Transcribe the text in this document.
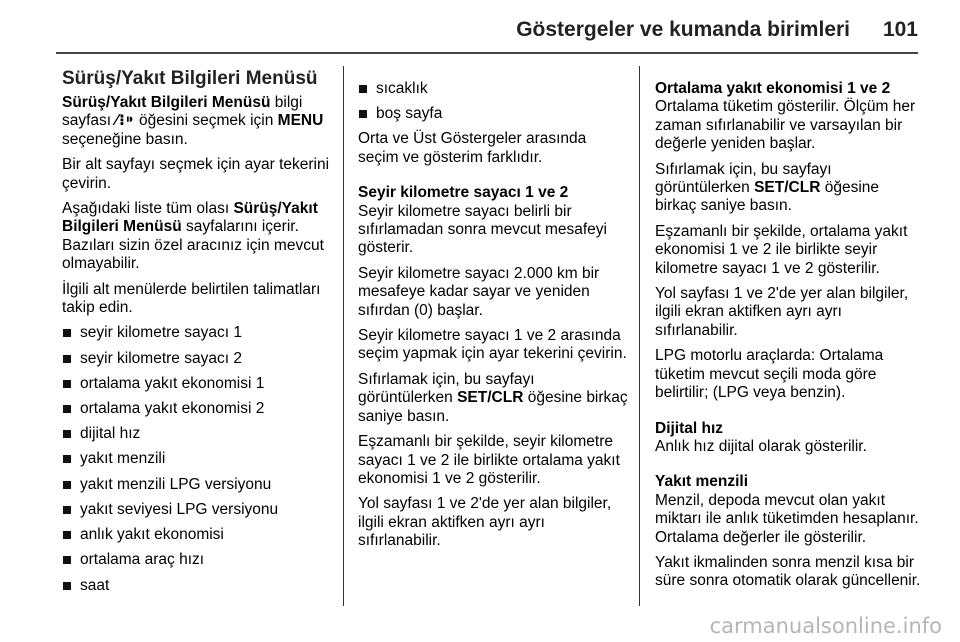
Göstergeler ve kumanda birimleri 101
Sürüş/Yakıt Bilgileri Menüsü

Sürüş/Yakıt Bilgileri Menüsü bilgi sayfası ⁄⁝⁍ öğesini seçmek için MENU seçeneğine basın.

Bir alt sayfayı seçmek için ayar tekerini çevirin.

Aşağıdaki liste tüm olası Sürüş/Yakıt Bilgileri Menüsü sayfalarını içerir. Bazıları sizin özel aracınız için mevcut olmayabilir.

İlgili alt menülerde belirtilen talimatları takip edin.

seyir kilometre sayacı 1
seyir kilometre sayacı 2
ortalama yakıt ekonomisi 1
ortalama yakıt ekonomisi 2
dijital hız
yakıt menzili
yakıt menzili LPG versiyonu
yakıt seviyesi LPG versiyonu
anlık yakıt ekonomisi
ortalama araç hızı
saat
sıcaklık
boş sayfa

Orta ve Üst Göstergeler arasında seçim ve gösterim farklıdır.

Seyir kilometre sayacı 1 ve 2

Seyir kilometre sayacı belirli bir sıfırlamadan sonra mevcut mesafeyi gösterir.

Seyir kilometre sayacı 2.000 km bir mesafeye kadar sayar ve yeniden sıfırdan (0) başlar.

Seyir kilometre sayacı 1 ve 2 arasında seçim yapmak için ayar tekerini çevirin.

Sıfırlamak için, bu sayfayı görüntülerken SET/CLR öğesine birkaç saniye basın.

Eşzamanlı bir şekilde, seyir kilometre sayacı 1 ve 2 ile birlikte ortalama yakıt ekonomisi 1 ve 2 gösterilir.

Yol sayfası 1 ve 2'de yer alan bilgiler, ilgili ekran aktifken ayrı ayrı sıfırlanabilir.

Ortalama yakıt ekonomisi 1 ve 2

Ortalama tüketim gösterilir. Ölçüm her zaman sıfırlanabilir ve varsayılan bir değerle yeniden başlar.

Sıfırlamak için, bu sayfayı görüntülerken SET/CLR öğesine birkaç saniye basın.

Eşzamanlı bir şekilde, ortalama yakıt ekonomisi 1 ve 2 ile birlikte seyir kilometre sayacı 1 ve 2 gösterilir.

Yol sayfası 1 ve 2'de yer alan bilgiler, ilgili ekran aktifken ayrı ayrı sıfırlanabilir.

LPG motorlu araçlarda: Ortalama tüketim mevcut seçili moda göre belirtilir; (LPG veya benzin).

Dijital hız

Anlık hız dijital olarak gösterilir.

Yakıt menzili

Menzil, depoda mevcut olan yakıt miktarı ile anlık tüketimden hesaplanır. Ortalama değerler ile gösterilir.

Yakıt ikmalinden sonra menzil kısa bir süre sonra otomatik olarak güncellenir.

carmanualsonline.info
